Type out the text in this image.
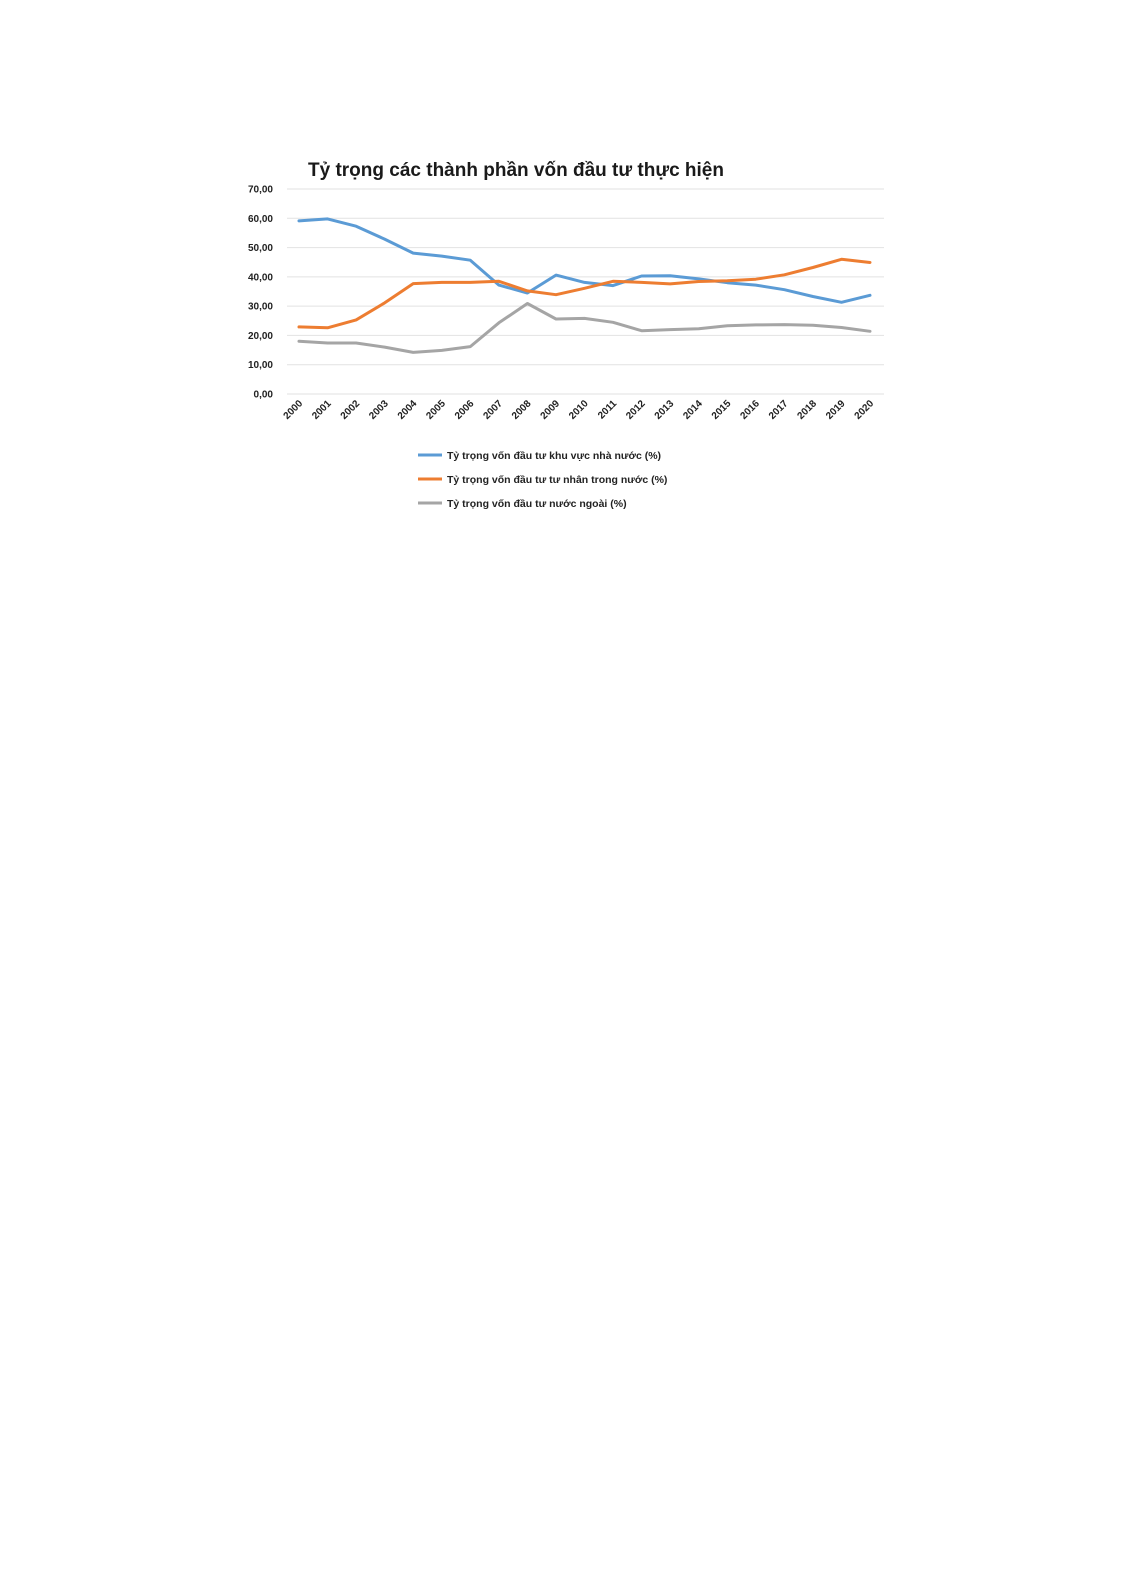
Tỷ trọng các thành phần vốn đầu tư thực hiện
0,00
10,00
20,00
30,00
40,00
50,00
60,00
70,00
2000 2001 2002 2003 2004 2005 2006 2007 2008 2009 2010 2011 2012 2013 2014 2015 2016 2017 2018 2019 2020
Tỷ trọng vốn đầu tư khu vực nhà nước (%)
Tỷ trọng vốn đầu tư tư nhân trong nước (%)
Tỷ trọng vốn đầu tư nước ngoài (%)
